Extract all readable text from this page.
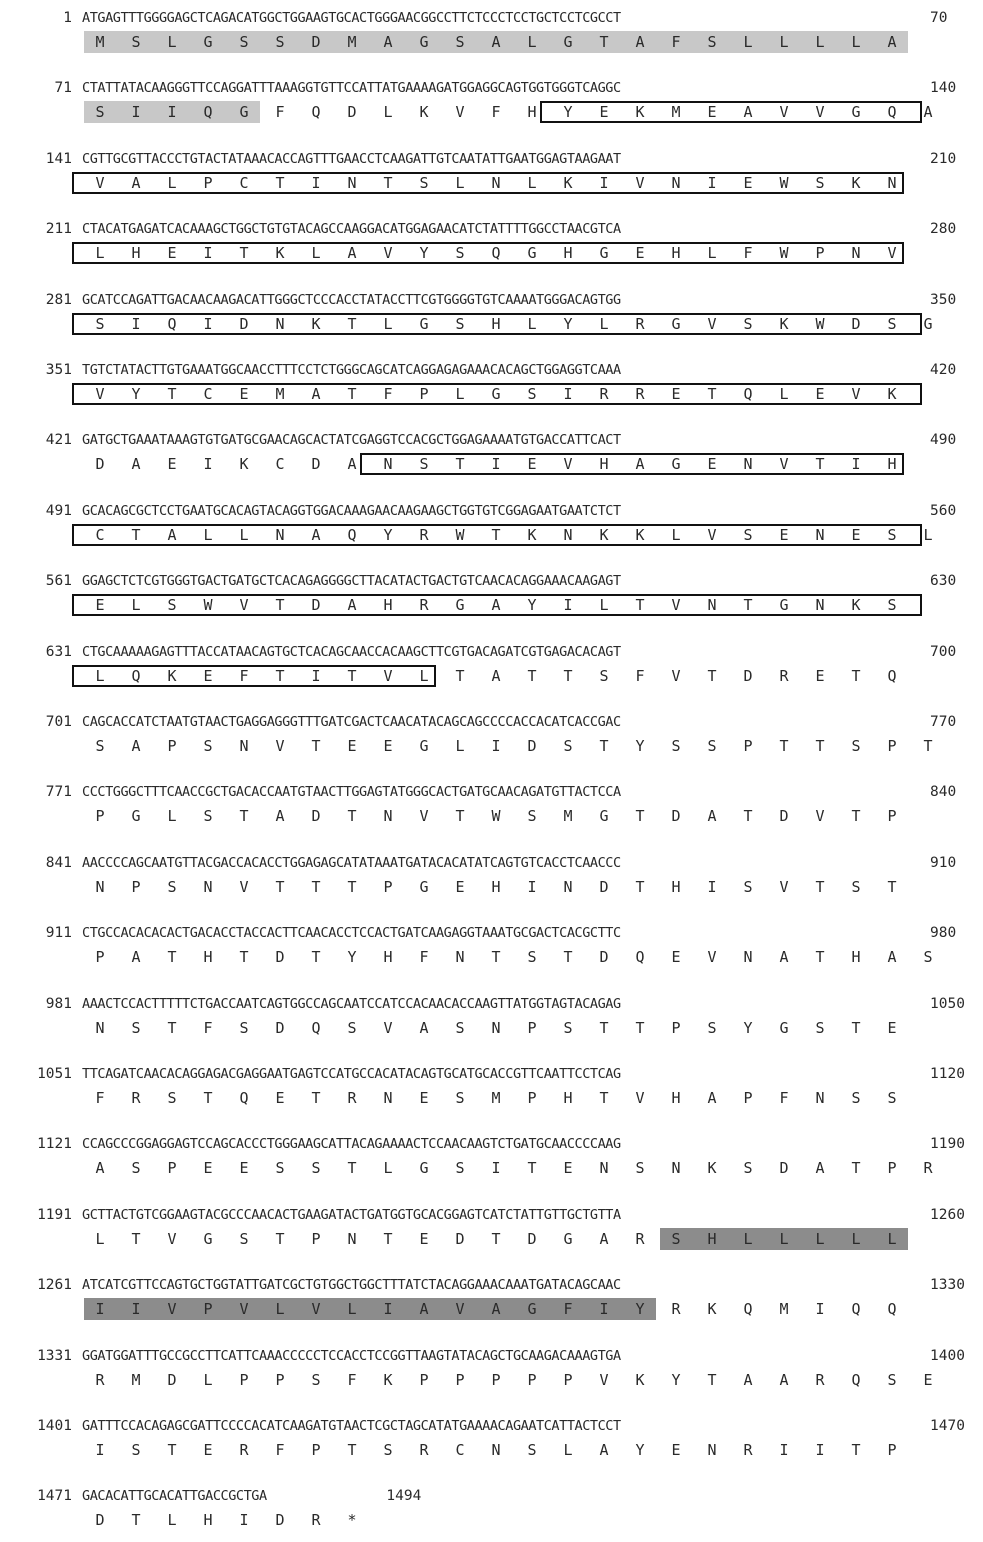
1 ATGAGTTTGGGGAGCTCAGACATGGCTGGAAGTGCACTGGGAACGGCCTTCTCCCTCCTGCTCCTCGCCT	70
M	S	L	G	S	S	D	M	A	G	S	A	L	G	T	A	F	S	L	L	L	L	A
71 CTATTATACAAGGGTTCCAGGATTTAAAGGTGTTCCATTATGAAAAGATGGAGGCAGTGGTGGGTCAGGC	140
S	I	I	Q	G	F	Q	D	L	K	V	F	H	Y	E	K	M	E	A	V	V	G	Q	A
141 CGTTGCGTTACCCTGTACTATAAACACCAGTTTGAACCTCAAGATTGTCAATATTGAATGGAGTAAGAAT	210
V	A	L	P	C	T	I	N	T	S	L	N	L	K	I	V	N	I	E	W	S	K	N
211 CTACATGAGATCACAAAGCTGGCTGTGTACAGCCAAGGACATGGAGAACATCTATTTTGGCCTAACGTCA	280
L	H	E	I	T	K	L	A	V	Y	S	Q	G	H	G	E	H	L	F	W	P	N	V
281 GCATCCAGATTGACAACAAGACATTGGGCTCCCACCTATACCTTCGTGGGGTGTCAAAATGGGACAGTGG	350
S	I	Q	I	D	N	K	T	L	G	S	H	L	Y	L	R	G	V	S	K	W	D	S	G
351 TGTCTATACTTGTGAAATGGCAACCTTTCCTCTGGGCAGCATCAGGAGAGAAACACAGCTGGAGGTCAAA	420
V	Y	T	C	E	M	A	T	F	P	L	G	S	I	R	R	E	T	Q	L	E	V	K
421 GATGCTGAAATAAAGTGTGATGCGAACAGCACTATCGAGGTCCACGCTGGAGAAAATGTGACCATTCACT	490
D	A	E	I	K	C	D	A	N	S	T	I	E	V	H	A	G	E	N	V	T	I	H
491 GCACAGCGCTCCTGAATGCACAGTACAGGTGGACAAAGAACAAGAAGCTGGTGTCGGAGAATGAATCTCT	560
C	T	A	L	L	N	A	Q	Y	R	W	T	K	N	K	K	L	V	S	E	N	E	S	L
561 GGAGCTCTCGTGGGTGACTGATGCTCACAGAGGGGCTTACATACTGACTGTCAACACAGGAAACAAGAGT	630
E	L	S	W	V	T	D	A	H	R	G	A	Y	I	L	T	V	N	T	G	N	K	S
631 CTGCAAAAAGAGTTTACCATAACAGTGCTCACAGCAACCACAAGCTTCGTGACAGATCGTGAGACACAGT	700
L	Q	K	E	F	T	I	T	V	L	T	A	T	T	S	F	V	T	D	R	E	T	Q
701 CAGCACCATCTAATGTAACTGAGGAGGGTTTGATCGACTCAACATACAGCAGCCCCACCACATCACCGAC	770
S	A	P	S	N	V	T	E	E	G	L	I	D	S	T	Y	S	S	P	T	T	S	P	T
771 CCCTGGGCTTTCAACCGCTGACACCAATGTAACTTGGAGTATGGGCACTGATGCAACAGATGTTACTCCA	840
P	G	L	S	T	A	D	T	N	V	T	W	S	M	G	T	D	A	T	D	V	T	P
841 AACCCCAGCAATGTTACGACCACACCTGGAGAGCATATAAATGATACACATATCAGTGTCACCTCAACCC	910
N	P	S	N	V	T	T	T	P	G	E	H	I	N	D	T	H	I	S	V	T	S	T
911 CTGCCACACACACTGACACCTACCACTTCAACACCTCCACTGATCAAGAGGTAAATGCGACTCACGCTTC	980
P	A	T	H	T	D	T	Y	H	F	N	T	S	T	D	Q	E	V	N	A	T	H	A	S
981 AAACTCCACTTTTTCTGACCAATCAGTGGCCAGCAATCCATCCACAACACCAAGTTATGGTAGTACAGAG	1050
N	S	T	F	S	D	Q	S	V	A	S	N	P	S	T	T	P	S	Y	G	S	T	E
1051 TTCAGATCAACACAGGAGACGAGGAATGAGTCCATGCCACATACAGTGCATGCACCGTTCAATTCCTCAG	1120
F	R	S	T	Q	E	T	R	N	E	S	M	P	H	T	V	H	A	P	F	N	S	S
1121 CCAGCCCGGAGGAGTCCAGCACCCTGGGAAGCATTACAGAAAACTCCAACAAGTCTGATGCAACCCCAAG	1190
A	S	P	E	E	S	S	T	L	G	S	I	T	E	N	S	N	K	S	D	A	T	P	R
1191 GCTTACTGTCGGAAGTACGCCCAACACTGAAGATACTGATGGTGCACGGAGTCATCTATTGTTGCTGTTA	1260
L	T	V	G	S	T	P	N	T	E	D	T	D	G	A	R	S	H	L	L	L	L	L
1261 ATCATCGTTCCAGTGCTGGTATTGATCGCTGTGGCTGGCTTTATCTACAGGAAACAAATGATACAGCAAC	1330
I	I	V	P	V	L	V	L	I	A	V	A	G	F	I	Y	R	K	Q	M	I	Q	Q
1331 GGATGGATTTGCCGCCTTCATTCAAACCCCCTCCACCTCCGGTTAAGTATACAGCTGCAAGACAAAGTGA	1400
R	M	D	L	P	P	S	F	K	P	P	P	P	P	V	K	Y	T	A	A	R	Q	S	E
1401 GATTTCCACAGAGCGATTCCCCACATCAAGATGTAACTCGCTAGCATATGAAAACAGAATCATTACTCCT	1470
I	S	T	E	R	F	P	T	S	R	C	N	S	L	A	Y	E	N	R	I	I	T	P
1471 GACACATTGCACATTGACCGCTGA	1494
D	T	L	H	I	D	R	*
